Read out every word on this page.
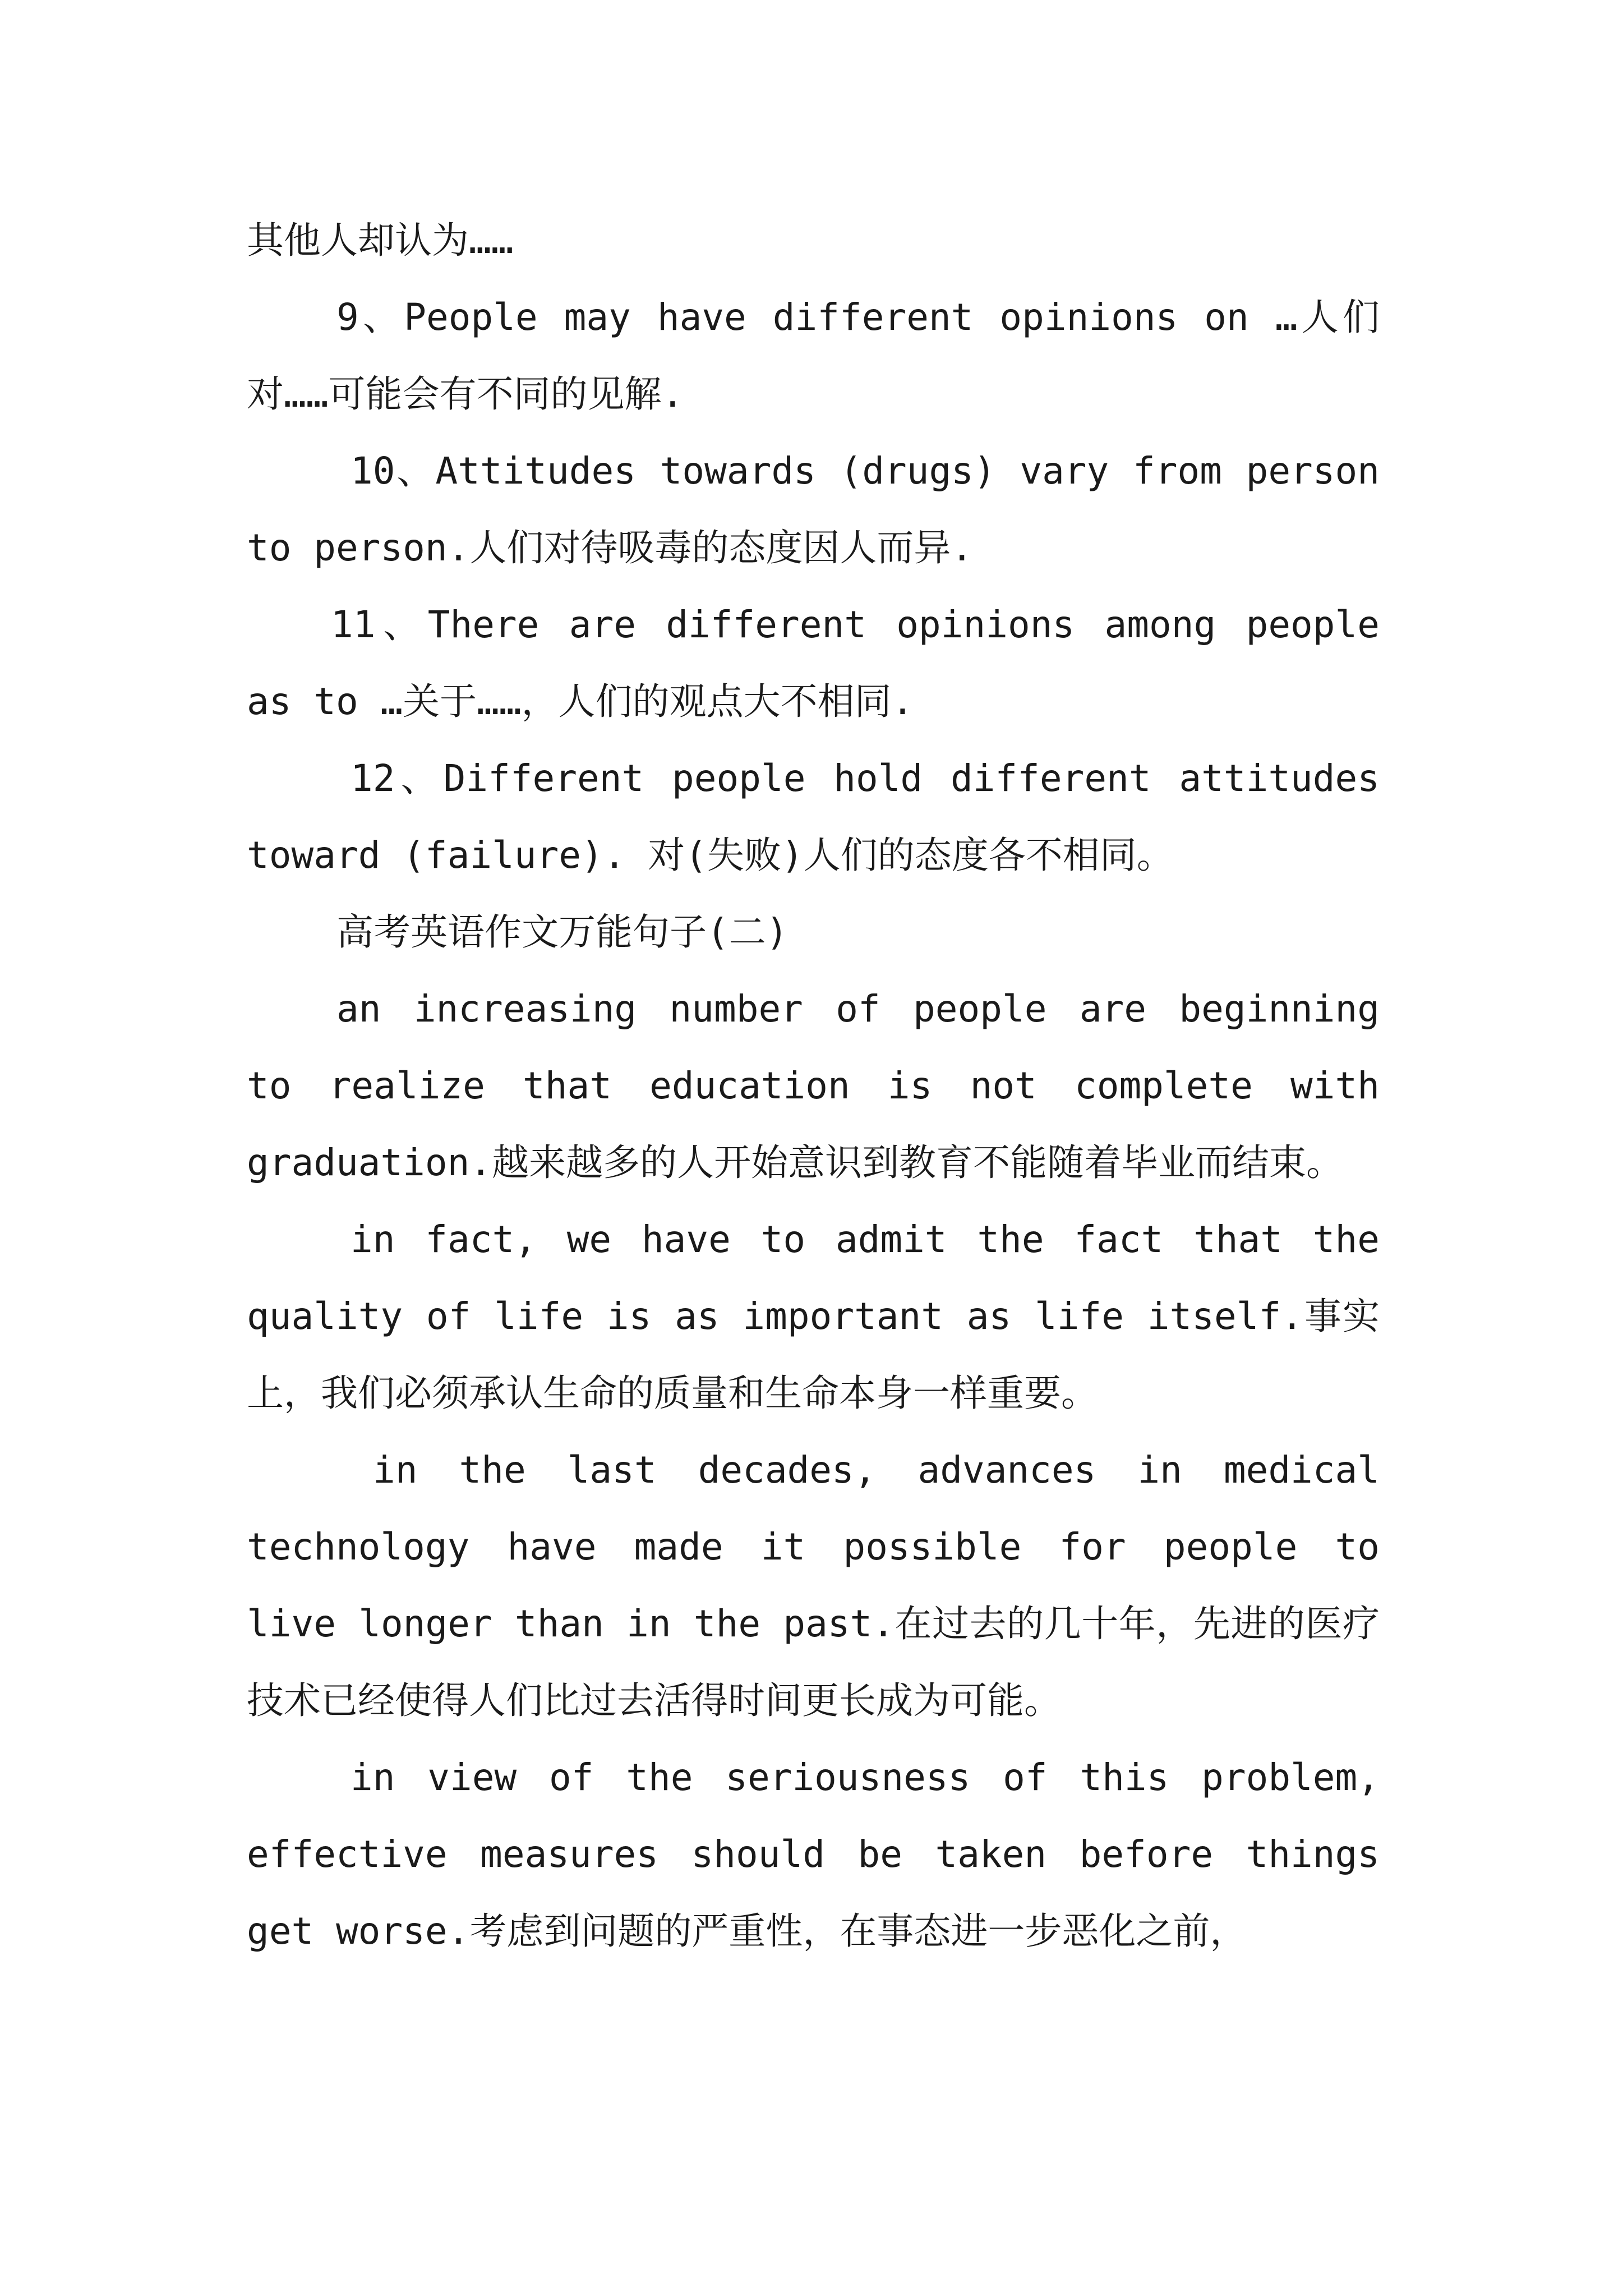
其他人却认为……

9、People may have different opinions on …人们对……可能会有不同的见解.

10、Attitudes towards (drugs) vary from person to person.人们对待吸毒的态度因人而异.

11、There are different opinions among people as to …关于……，人们的观点大不相同.

12、Different people hold different attitudes toward (failure). 对(失败)人们的态度各不相同。

高考英语作文万能句子(二)

an increasing number of people are beginning to realize that education is not complete with graduation.越来越多的人开始意识到教育不能随着毕业而结束。

in fact, we have to admit the fact that the quality of life is as important as life itself.事实上，我们必须承认生命的质量和生命本身一样重要。

in the last decades, advances in medical technology have made it possible for people to live longer than in the past.在过去的几十年，先进的医疗技术已经使得人们比过去活得时间更长成为可能。

in view of the seriousness of this problem, effective measures should be taken before things get worse.考虑到问题的严重性，在事态进一步恶化之前，
